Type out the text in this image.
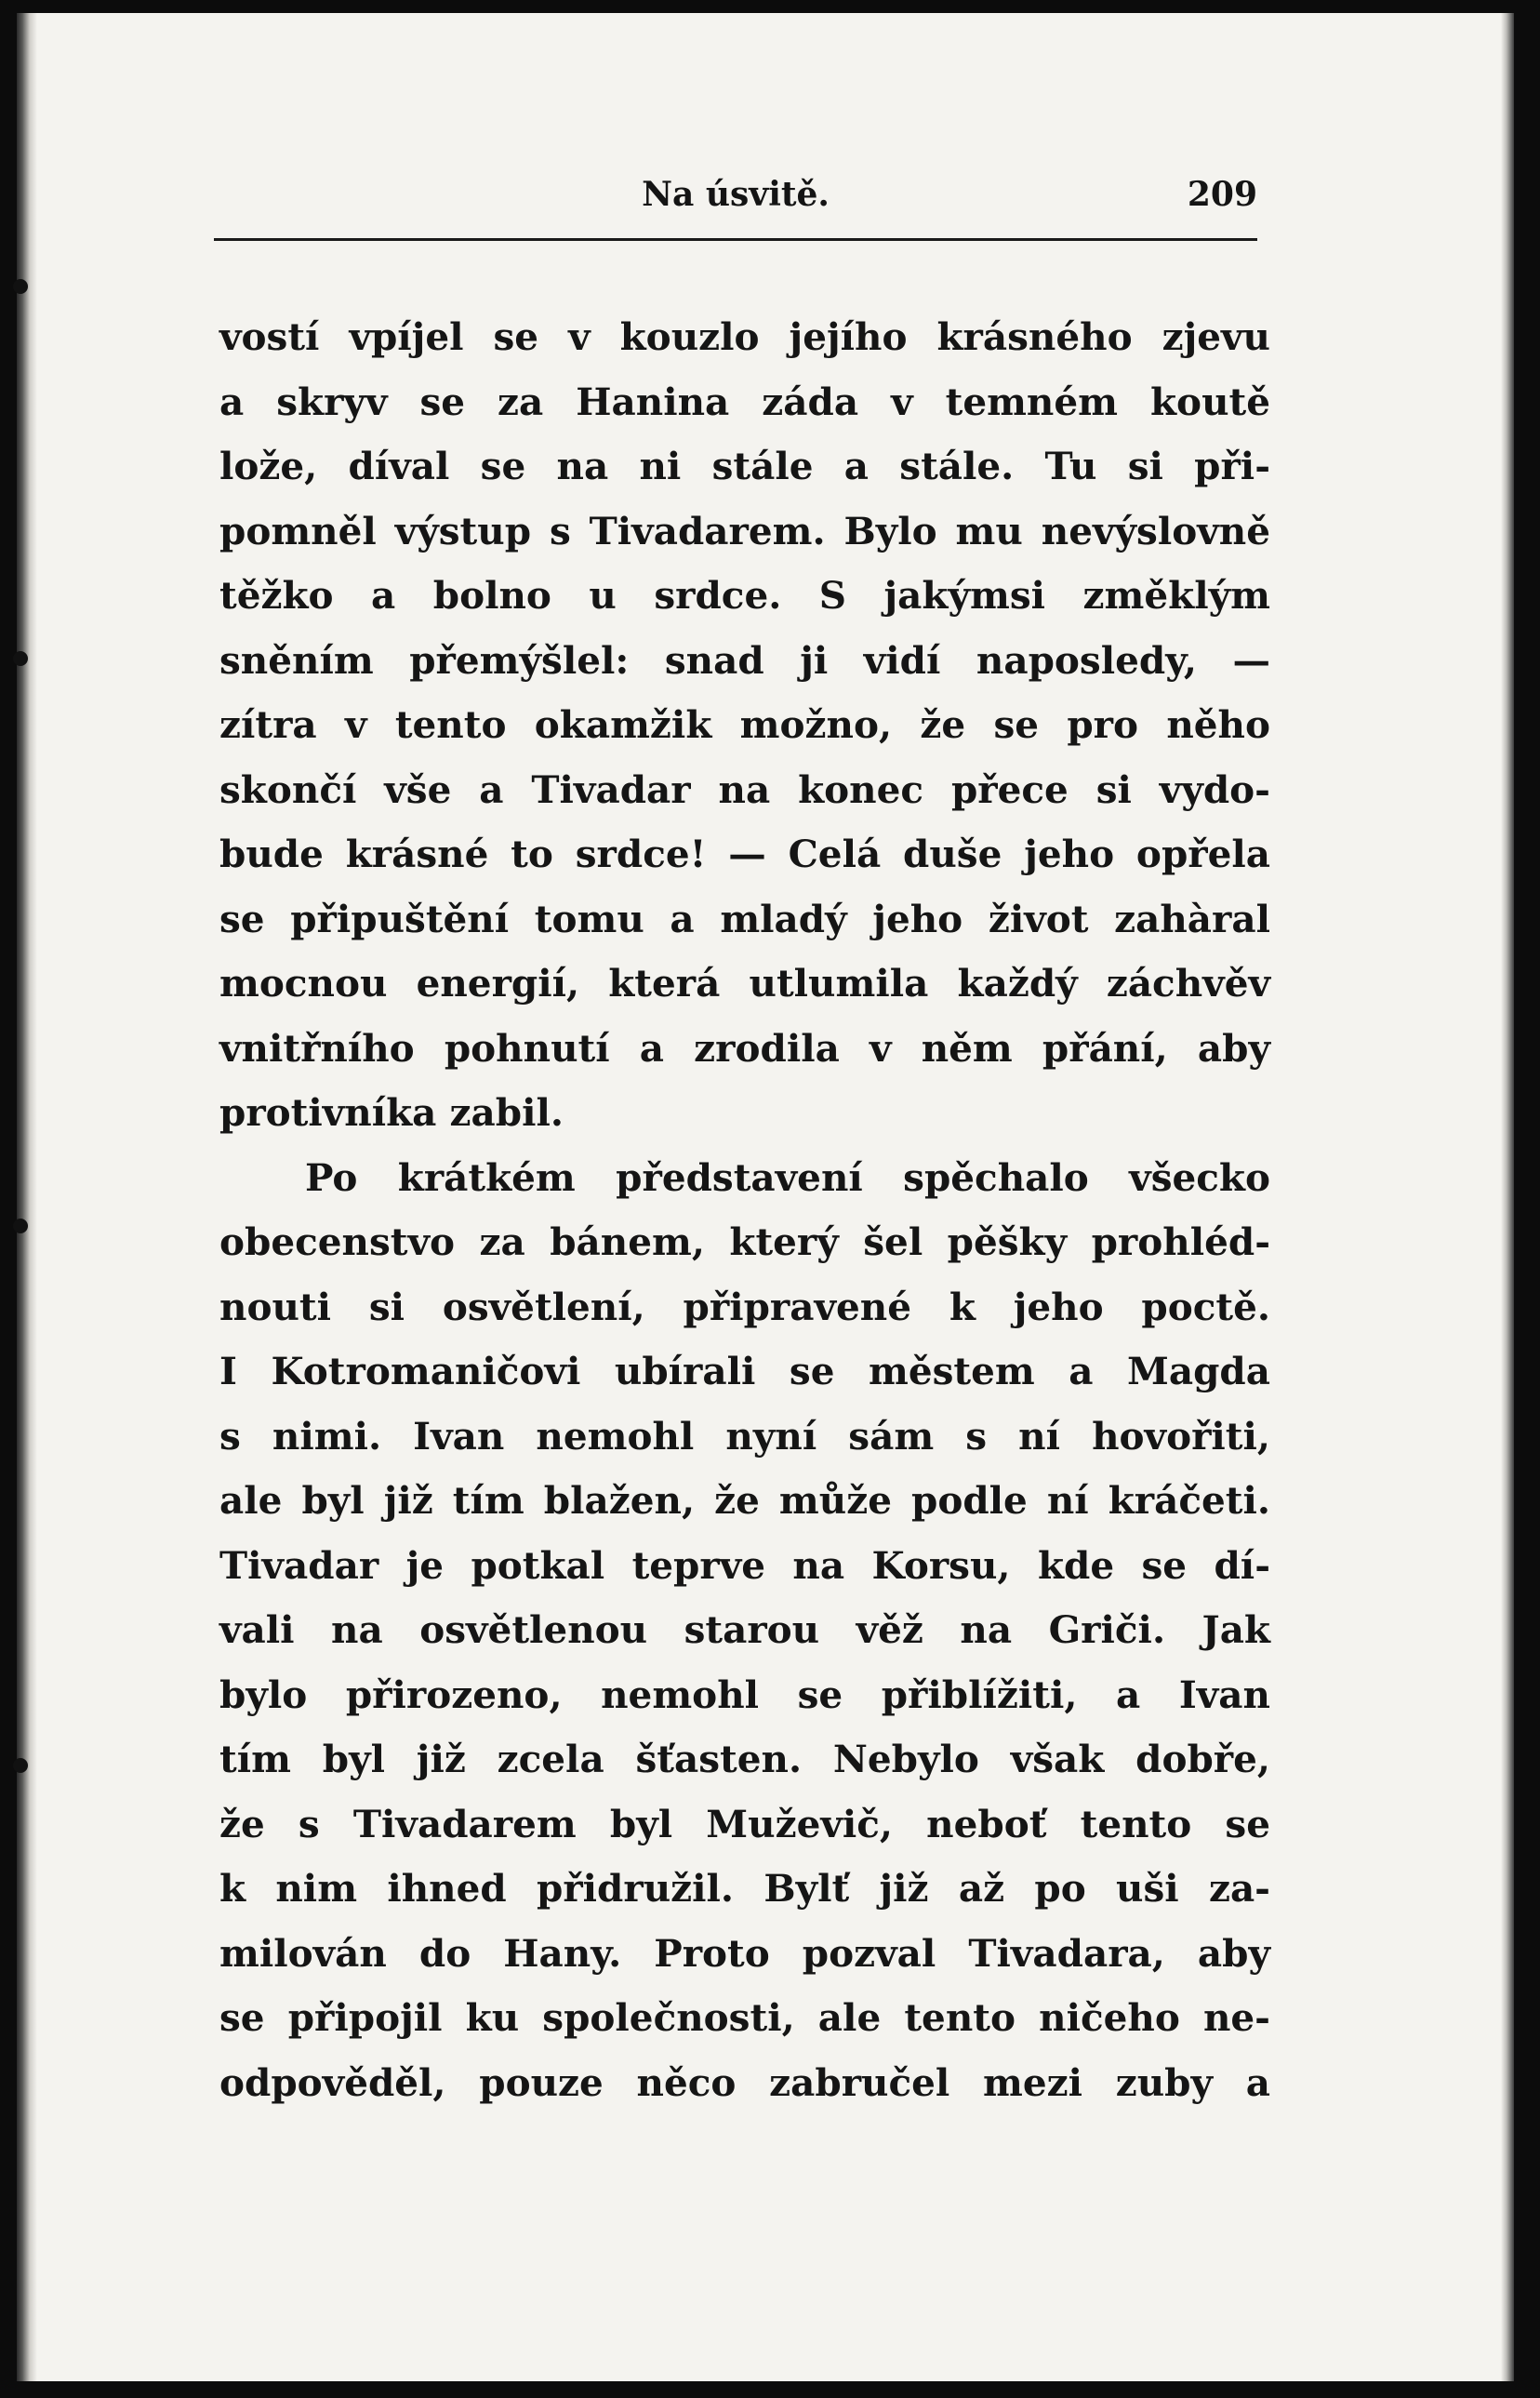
Na úsvitě.	209
vostí vpíjel se v kouzlo jejího krásného zjevu
a skryv se za Hanina záda v temném koutě
lože, díval se na ni stále a stále. Tu si při-
pomněl výstup s Tivadarem. Bylo mu nevýslovně
těžko a bolno u srdce. S jakýmsi změklým
sněním přemýšlel: snad ji vidí naposledy, —
zítra v tento okamžik možno, že se pro něho
skončí vše a Tivadar na konec přece si vydo-
bude krásné to srdce! — Celá duše jeho opřela
se připuštění tomu a mladý jeho život zahàral
mocnou energií, která utlumila každý záchvěv
vnitřního pohnutí a zrodila v něm přání, aby
protivníka zabil.
Po krátkém představení spěchalo všecko
obecenstvo za bánem, který šel pěšky prohléd-
nouti si osvětlení, připravené k jeho poctě.
I Kotromaničovi ubírali se městem a Magda
s nimi. Ivan nemohl nyní sám s ní hovořiti,
ale byl již tím blažen, že může podle ní kráčeti.
Tivadar je potkal teprve na Korsu, kde se dí-
vali na osvětlenou starou věž na Griči. Jak
bylo přirozeno, nemohl se přiblížiti, a Ivan
tím byl již zcela šťasten. Nebylo však dobře,
že s Tivadarem byl Muževič, neboť tento se
k nim ihned přidružil. Bylť již až po uši za-
milován do Hany. Proto pozval Tivadara, aby
se připojil ku společnosti, ale tento ničeho ne-
odpověděl, pouze něco zabručel mezi zuby a
